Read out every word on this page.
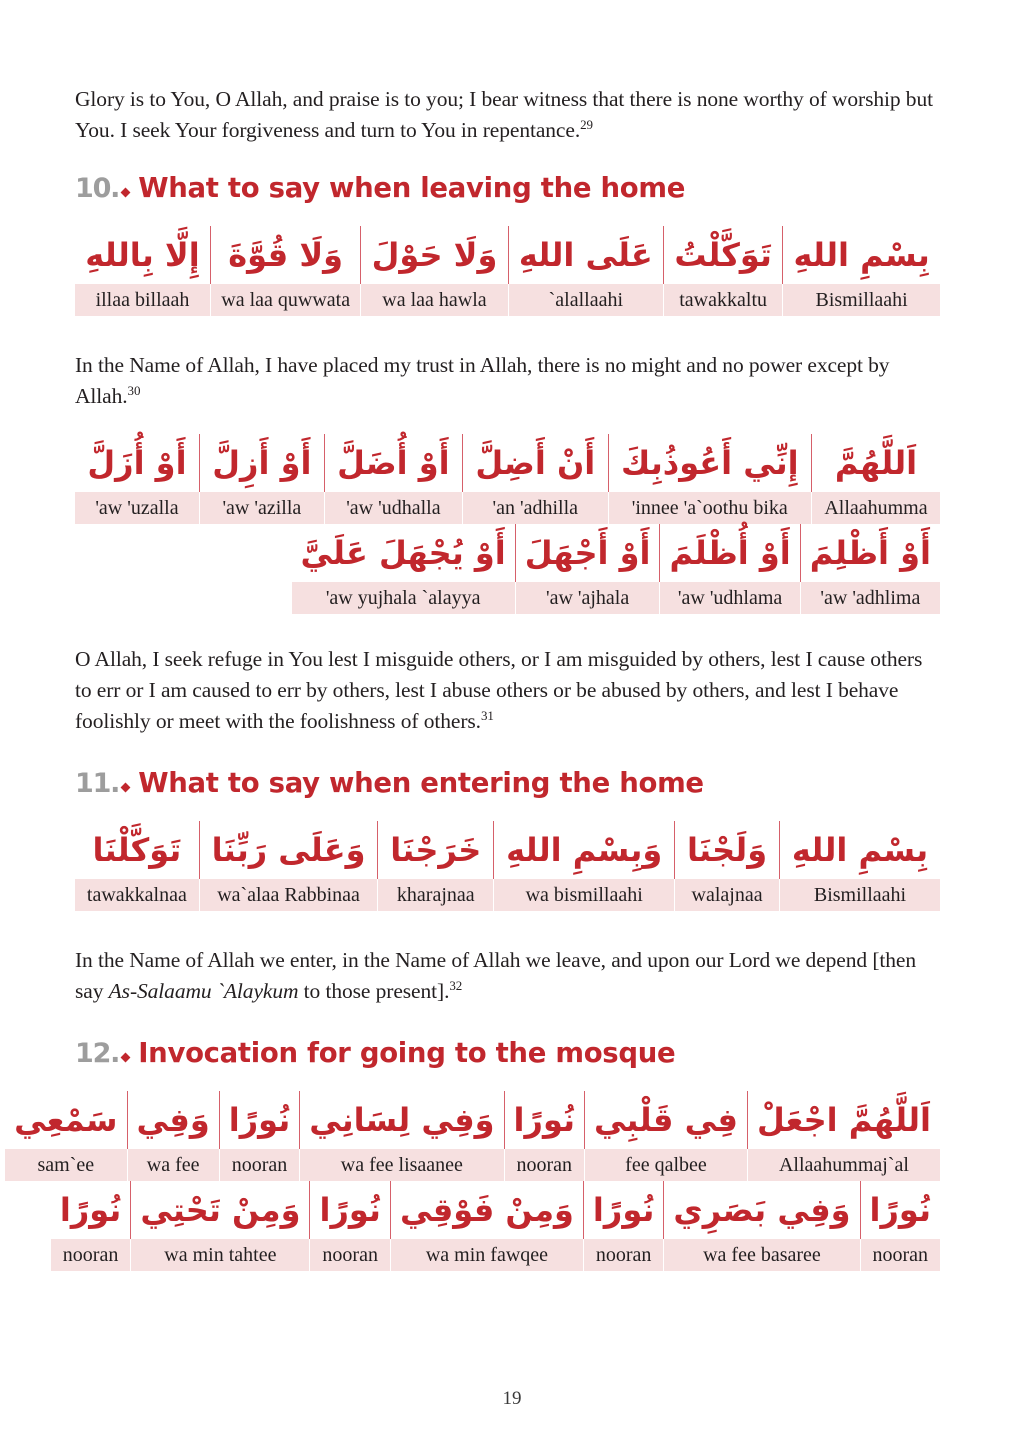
Glory is to You, O Allah, and praise is to you; I bear witness that there is none worthy of worship but You. I seek Your forgiveness and turn to You in repentance.$^{29}$

10. What to say when leaving the home
بِسْمِ اللهِ
Bismillaahi
تَوَكَّلْتُ
tawakkaltu
عَلَى اللهِ
`alallaahi
وَلَا حَوْلَ
wa laa hawla
وَلَا قُوَّةَ
wa laa quwwata
إِلَّا بِاللهِ
illaa billaah

In the Name of Allah, I have placed my trust in Allah, there is no might and no power except by Allah.$^{30}$

اَللَّهُمَّ
Allaahumma
إِنِّي أَعُوذُبِكَ
'innee 'a`oothu bika
أَنْ أَضِلَّ
'an 'adhilla
أَوْ أُضَلَّ
'aw 'udhalla
أَوْ أَزِلَّ
'aw 'azilla
أَوْ أُزَلَّ
'aw 'uzalla
أَوْ أَظْلِمَ
'aw 'adhlima
أَوْ أُظْلَمَ
'aw 'udhlama
أَوْ أَجْهَلَ
'aw 'ajhala
أَوْ يُجْهَلَ عَلَيَّ
'aw yujhala `alayya

O Allah, I seek refuge in You lest I misguide others, or I am misguided by others, lest I cause others to err or I am caused to err by others, lest I abuse others or be abused by others, and lest I behave foolishly or meet with the foolishness of others.$^{31}$

11. What to say when entering the home
بِسْمِ اللهِ
Bismillaahi
وَلَجْنَا
walajnaa
وَبِسْمِ اللهِ
wa bismillaahi
خَرَجْنَا
kharajnaa
وَعَلَى رَبِّنَا
wa`alaa Rabbinaa
تَوَكَّلْنَا
tawakkalnaa

In the Name of Allah we enter, in the Name of Allah we leave, and upon our Lord we depend [then say As-Salaamu `Alaykum to those present].$^{32}$

12. Invocation for going to the mosque
اَللَّهُمَّ اجْعَلْ
Allaahummaj`al
فِي قَلْبِي
fee qalbee
نُورًا
nooran
وَفِي لِسَانِي
wa fee lisaanee
نُورًا
nooran
وَفِي
wa fee
سَمْعِي
sam`ee
نُورًا
nooran
وَفِي بَصَرِي
wa fee basaree
نُورًا
nooran
وَمِنْ فَوْقِي
wa min fawqee
نُورًا
nooran
وَمِنْ تَحْتِي
wa min tahtee
نُورًا
nooran
19
